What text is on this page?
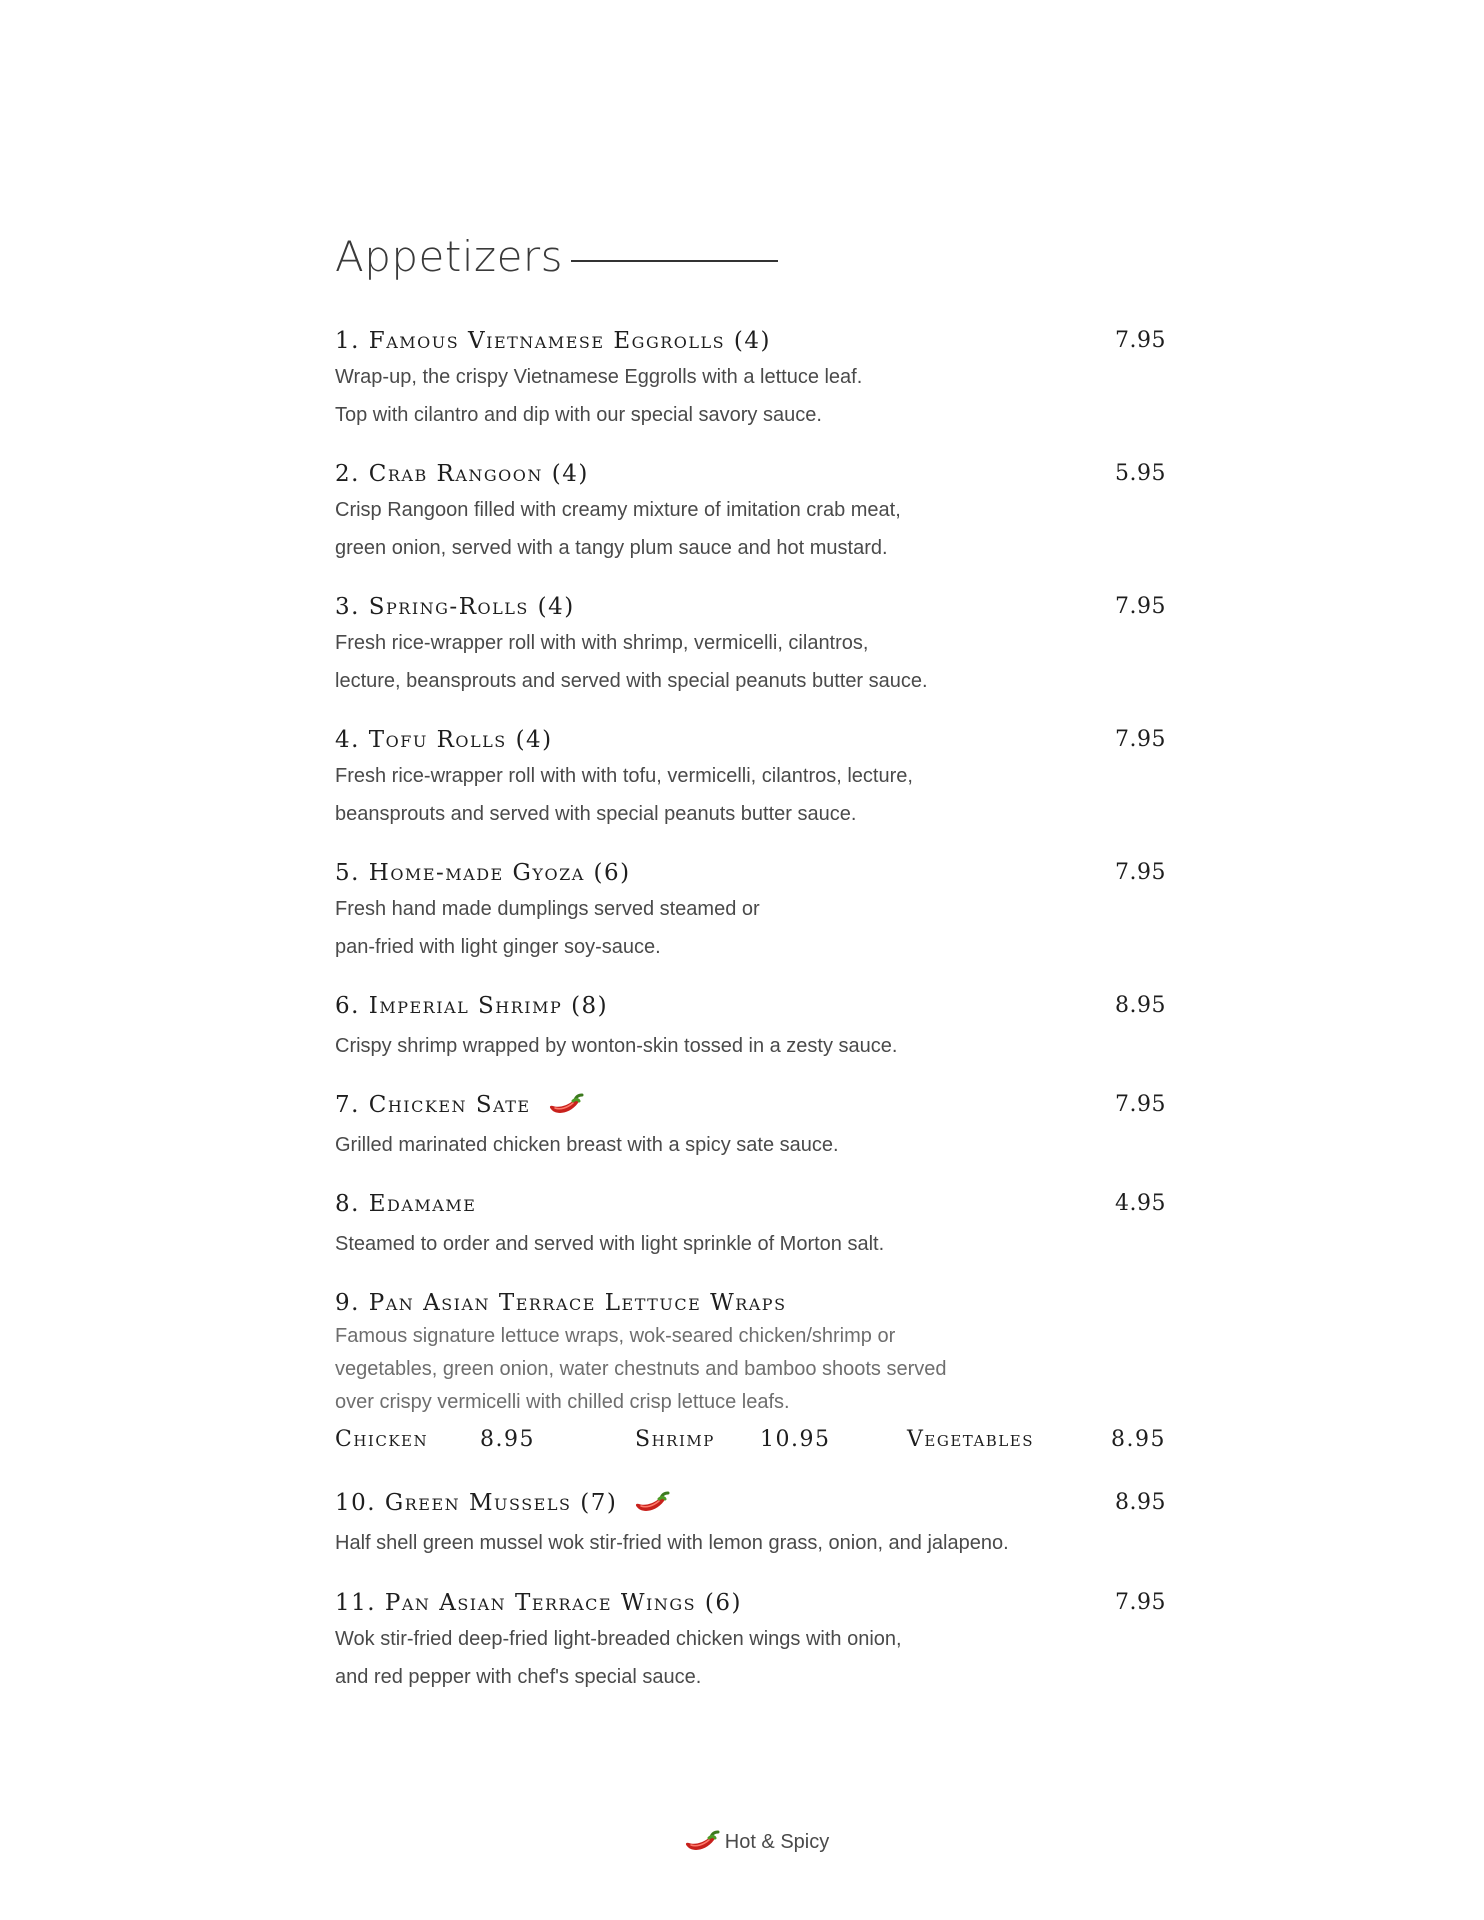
Appetizers
1. Famous Vietnamese Eggrolls (4)	7.95
Wrap-up, the crispy Vietnamese Eggrolls with a lettuce leaf.
Top with cilantro and dip with our special savory sauce.
2. Crab Rangoon (4)	5.95
Crisp Rangoon filled with creamy mixture of imitation crab meat,
green onion, served with a tangy plum sauce and hot mustard.
3. Spring-Rolls (4)	7.95
Fresh rice-wrapper roll with with shrimp, vermicelli, cilantros,
lecture, beansprouts and served with special peanuts butter sauce.
4. Tofu Rolls (4)	7.95
Fresh rice-wrapper roll with with tofu, vermicelli, cilantros, lecture,
beansprouts and served with special peanuts butter sauce.
5. Home-made Gyoza (6)	7.95
Fresh hand made dumplings served steamed or
pan-fried with light ginger soy-sauce.
6. Imperial Shrimp (8)	8.95
Crispy shrimp wrapped by wonton-skin tossed in a zesty sauce.
7. Chicken Sate	7.95
Grilled marinated chicken breast with a spicy sate sauce.
8. Edamame	4.95
Steamed to order and served with light sprinkle of Morton salt.
9. Pan Asian Terrace Lettuce Wraps
Famous signature lettuce wraps, wok-seared chicken/shrimp or
vegetables, green onion, water chestnuts and bamboo shoots served
over crispy vermicelli with chilled crisp lettuce leafs.
Chicken 8.95	Shrimp 10.95	Vegetables	8.95
10. Green Mussels (7)	8.95
Half shell green mussel wok stir-fried with lemon grass, onion, and jalapeno.
11. Pan Asian Terrace Wings (6)	7.95
Wok stir-fried deep-fried light-breaded chicken wings with onion,
and red pepper with chef's special sauce.
Hot & Spicy
